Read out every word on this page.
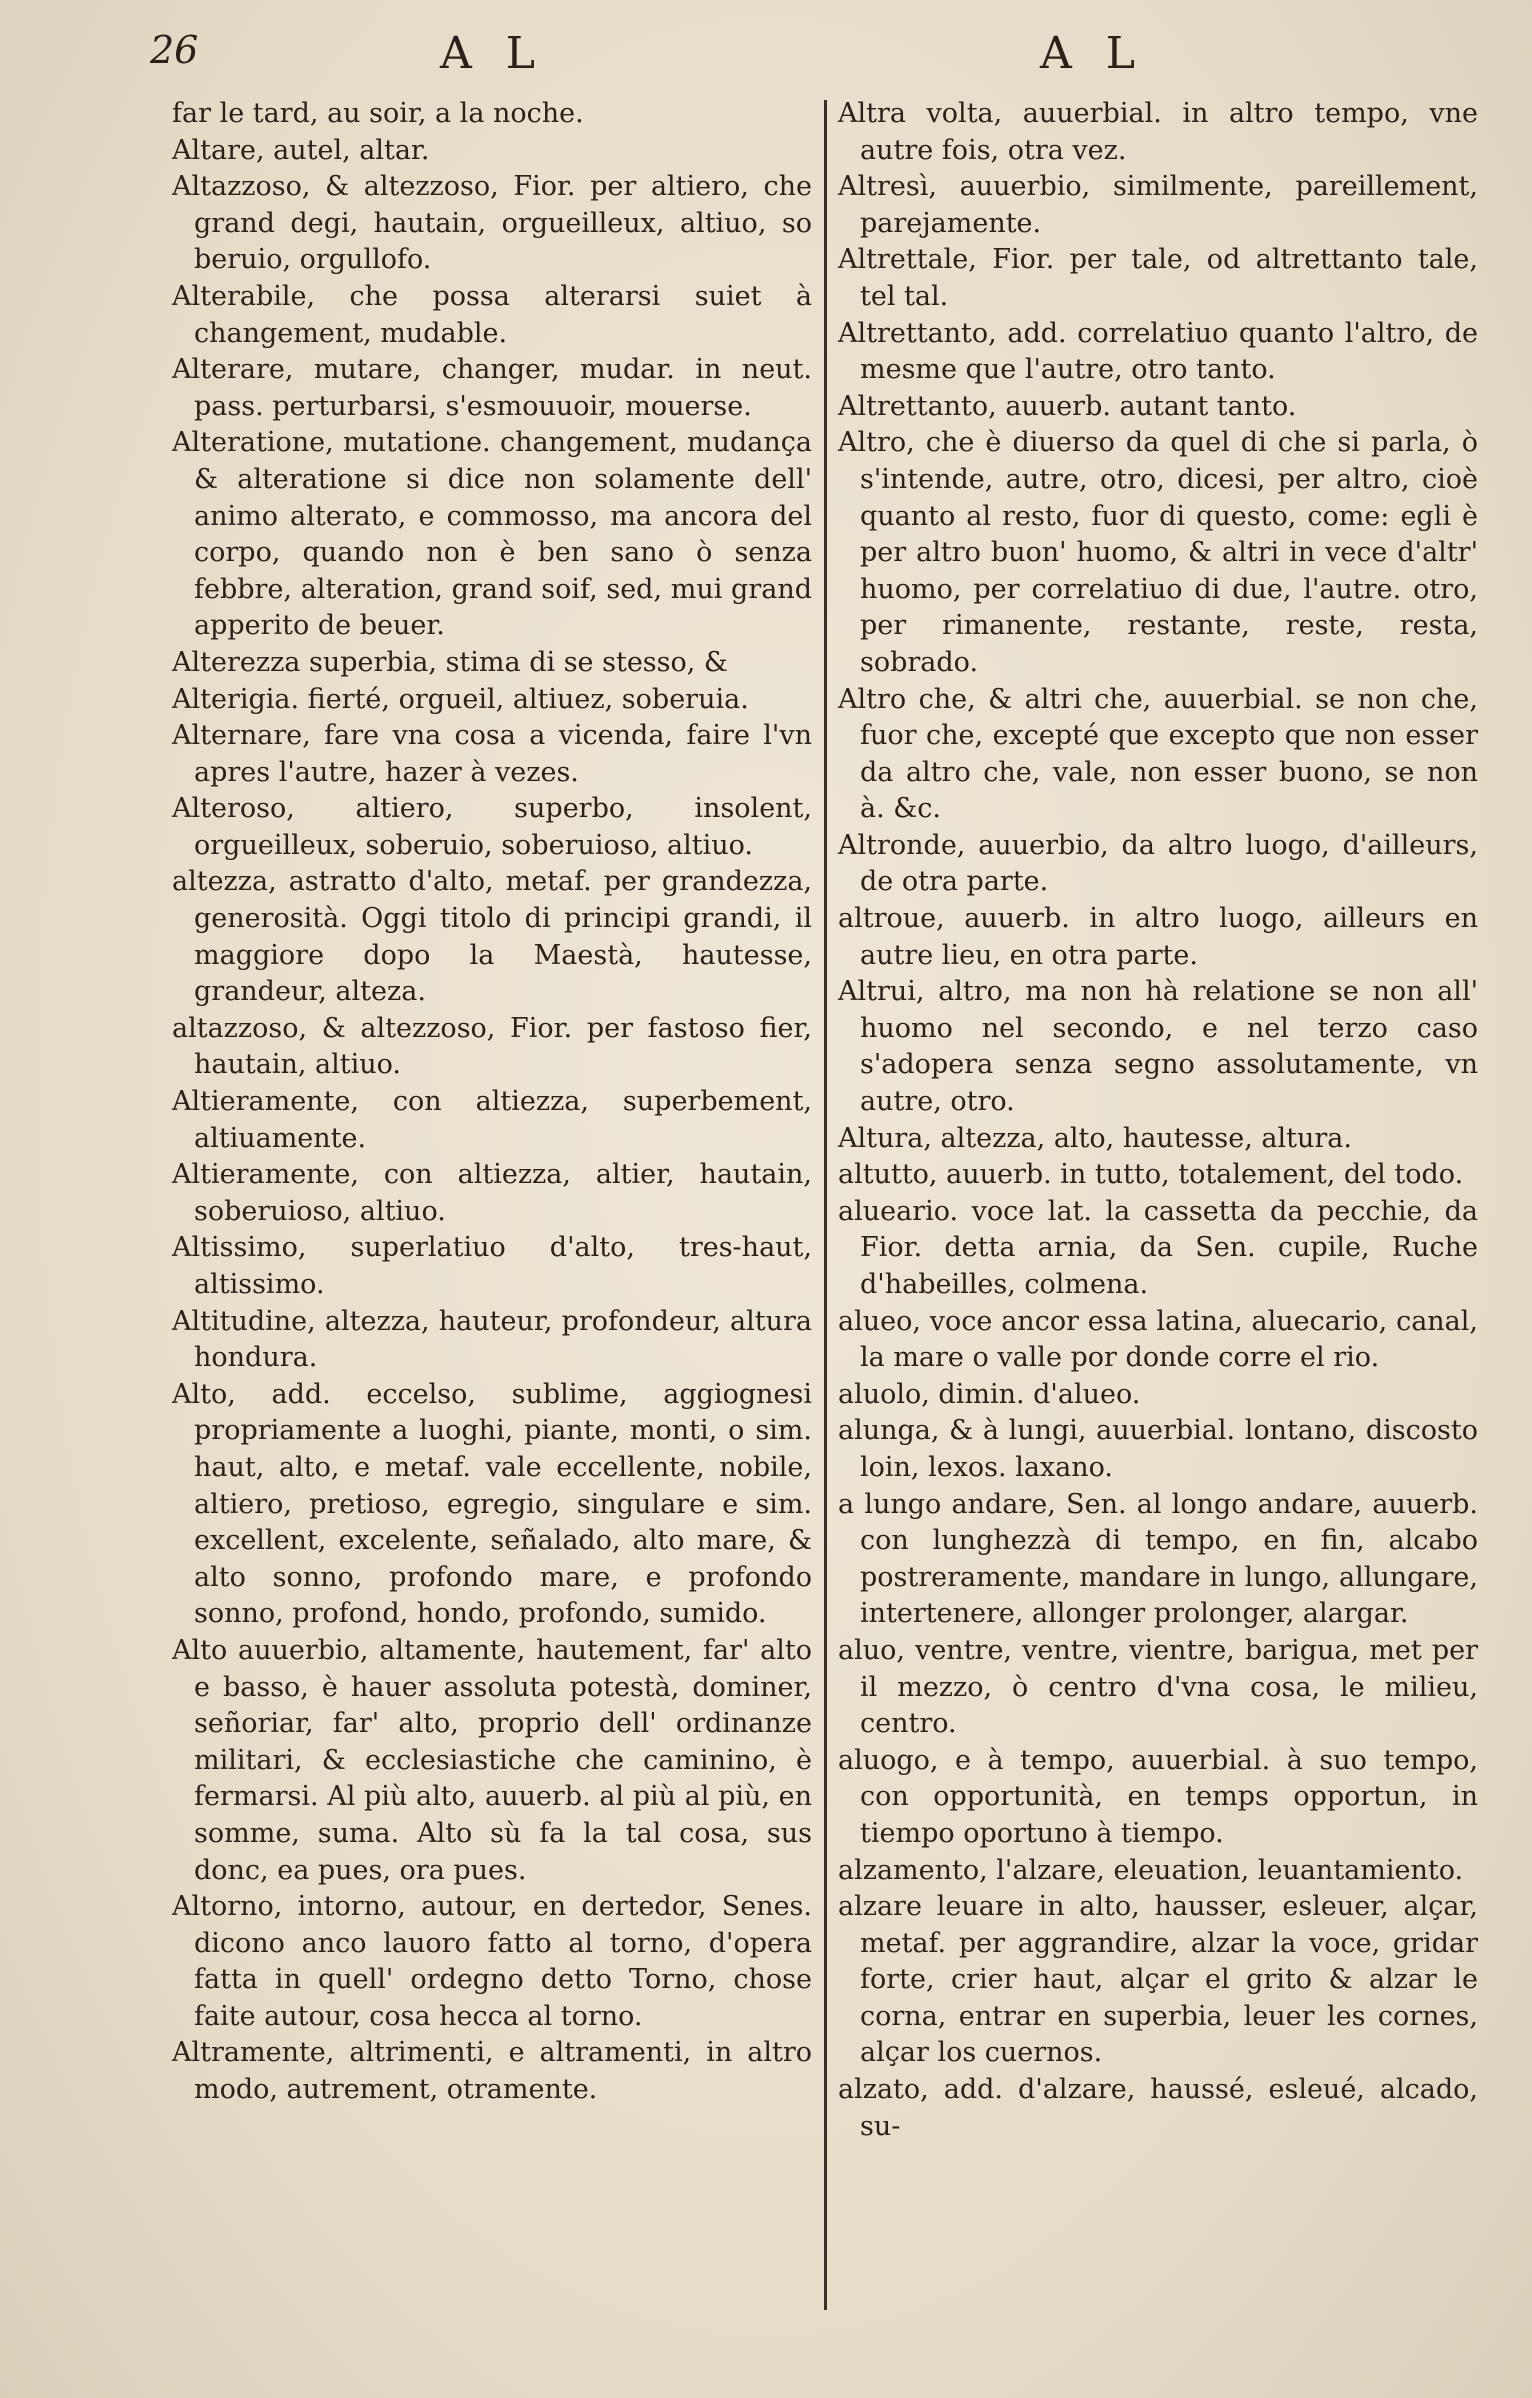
26	A L	A L
far le tard, au soir, a la noche.
Altare, autel, altar.
Altazzoso, & altezzoso, Fior. per altiero, che grand degi, hautain, orgueilleux, altiuo, so beruio, orgullofo.
Alterabile, che possa alterarsi suiet à changement, mudable.
Alterare, mutare, changer, mudar. in neut. pass. perturbarsi, s'esmouuoir, mouerse.
Alteratione, mutatione. changement, mudança & alteratione si dice non solamente dell' animo alterato, e commosso, ma ancora del corpo, quando non è ben sano ò senza febbre, alteration, grand soif, sed, mui grand apperito de beuer.
Alterezza superbia, stima di se stesso, &
Alterigia. fierté, orgueil, altiuez, soberuia.
Alternare, fare vna cosa a vicenda, faire l'vn apres l'autre, hazer à vezes.
Alteroso, altiero, superbo, insolent, orgueilleux, soberuio, soberuioso, altiuo.
altezza, astratto d'alto, metaf. per grandezza, generosità. Oggi titolo di principi grandi, il maggiore dopo la Maestà, hautesse, grandeur, alteza.
altazzoso, & altezzoso, Fior. per fastoso fier, hautain, altiuo.
Altieramente, con altiezza, superbement, altiuamente.
Altieramente, con altiezza, altier, hautain, soberuioso, altiuo.
Altissimo, superlatiuo d'alto, tres-haut, altissimo.
Altitudine, altezza, hauteur, profondeur, altura hondura.
Alto, add. eccelso, sublime, aggiognesi propriamente a luoghi, piante, monti, o sim. haut, alto, e metaf. vale eccellente, nobile, altiero, pretioso, egregio, singulare e sim. excellent, excelente, señalado, alto mare, & alto sonno, profondo mare, e profondo sonno, profond, hondo, profondo, sumido.
Alto auuerbio, altamente, hautement, far' alto e basso, è hauer assoluta potestà, dominer, señoriar, far' alto, proprio dell' ordinanze militari, & ecclesiastiche che caminino, è fermarsi. Al più alto, auuerb. al più al più, en somme, suma. Alto sù fa la tal cosa, sus donc, ea pues, ora pues.
Altorno, intorno, autour, en dertedor, Senes. dicono anco lauoro fatto al torno, d'opera fatta in quell' ordegno detto Torno, chose faite autour, cosa hecca al torno.
Altramente, altrimenti, e altramenti, in altro modo, autrement, otramente.
Altra volta, auuerbial. in altro tempo, vne autre fois, otra vez.
Altresì, auuerbio, similmente, pareillement, parejamente.
Altrettale, Fior. per tale, od altrettanto tale, tel tal.
Altrettanto, add. correlatiuo quanto l'altro, de mesme que l'autre, otro tanto.
Altrettanto, auuerb. autant tanto.
Altro, che è diuerso da quel di che si parla, ò s'intende, autre, otro, dicesi, per altro, cioè quanto al resto, fuor di questo, come: egli è per altro buon' huomo, & altri in vece d'altr' huomo, per correlatiuo di due, l'autre. otro, per rimanente, restante, reste, resta, sobrado.
Altro che, & altri che, auuerbial. se non che, fuor che, excepté que excepto que non esser da altro che, vale, non esser buono, se non à. &c.
Altronde, auuerbio, da altro luogo, d'ailleurs, de otra parte.
altroue, auuerb. in altro luogo, ailleurs en autre lieu, en otra parte.
Altrui, altro, ma non hà relatione se non all' huomo nel secondo, e nel terzo caso s'adopera senza segno assolutamente, vn autre, otro.
Altura, altezza, alto, hautesse, altura.
altutto, auuerb. in tutto, totalement, del todo.
alueario. voce lat. la cassetta da pecchie, da Fior. detta arnia, da Sen. cupile, Ruche d'habeilles, colmena.
alueo, voce ancor essa latina, aluecario, canal, la mare o valle por donde corre el rio.
aluolo, dimin. d'alueo.
alunga, & à lungi, auuerbial. lontano, discosto loin, lexos. laxano.
a lungo andare, Sen. al longo andare, auuerb. con lunghezzà di tempo, en fin, alcabo postreramente, mandare in lungo, allungare, intertenere, allonger prolonger, alargar.
aluo, ventre, ventre, vientre, barigua, met per il mezzo, ò centro d'vna cosa, le milieu, centro.
aluogo, e à tempo, auuerbial. à suo tempo, con opportunità, en temps opportun, in tiempo oportuno à tiempo.
alzamento, l'alzare, eleuation, leuantamiento.
alzare leuare in alto, hausser, esleuer, alçar, metaf. per aggrandire, alzar la voce, gridar forte, crier haut, alçar el grito & alzar le corna, entrar en superbia, leuer les cornes, alçar los cuernos.
alzato, add. d'alzare, haussé, esleué, alcado, su-
